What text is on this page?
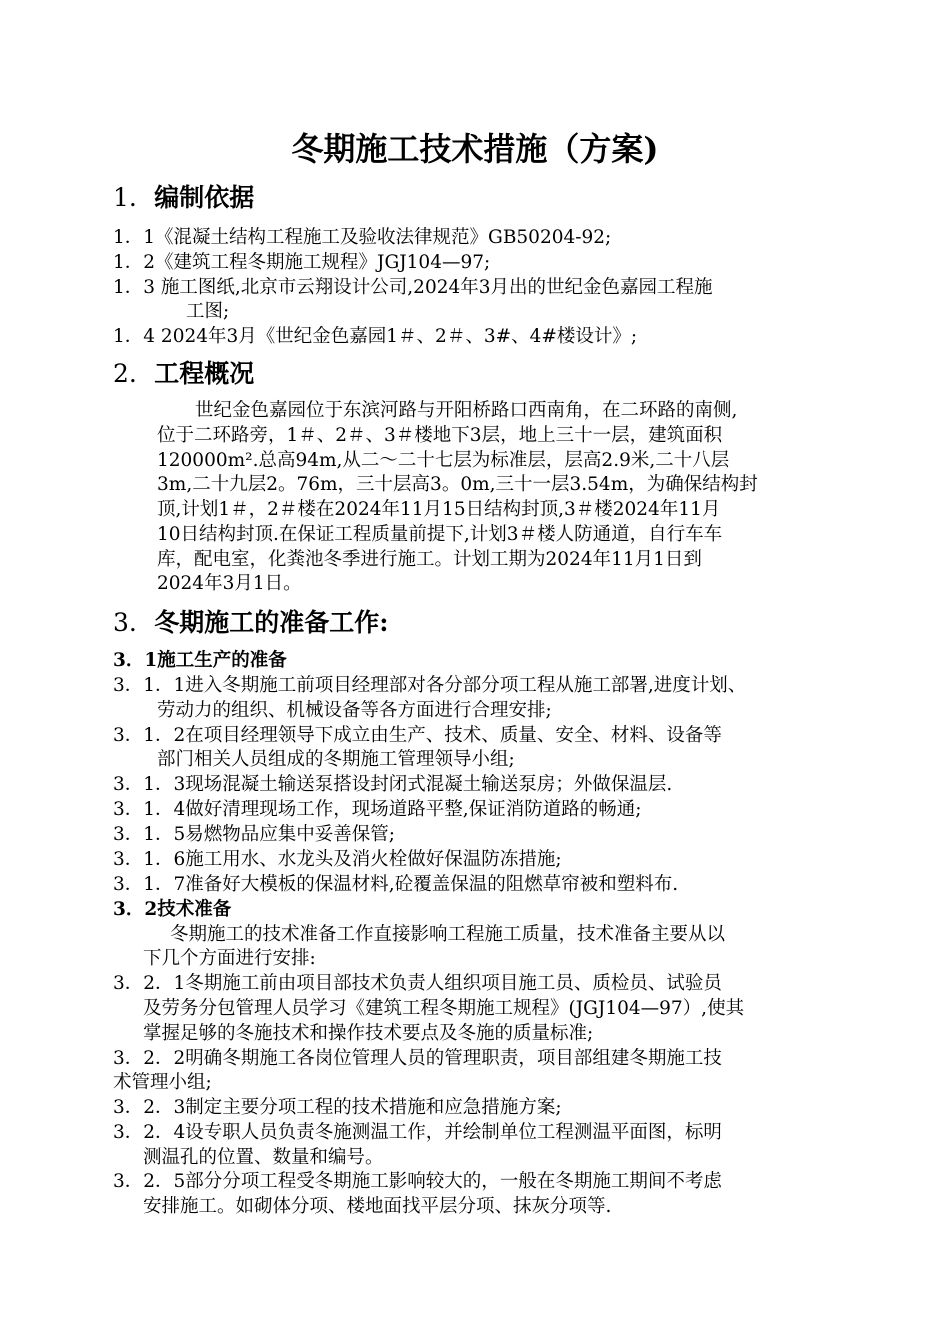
冬期施工技术措施（方案)
1. 编制依据
1．1《混凝土结构工程施工及验收法律规范》GB50204-92;
1．2《建筑工程冬期施工规程》JGJ104—97;
1．3 施工图纸,北京市云翔设计公司,2024年3月出的世纪金色嘉园工程施
工图;
1．4 2024年3月《世纪金色嘉园1＃、2＃、3#、4#楼设计》;
2. 工程概况
世纪金色嘉园位于东滨河路与开阳桥路口西南角，在二环路的南侧,
位于二环路旁，1＃、2＃、3＃楼地下3层，地上三十一层，建筑面积
120000m².总高94m,从二～二十七层为标准层，层高2.9米,二十八层
3m,二十九层2。76m，三十层高3。0m,三十一层3.54m，为确保结构封
顶,计划1＃，2＃楼在2024年11月15日结构封顶,3＃楼2024年11月
10日结构封顶.在保证工程质量前提下,计划3＃楼人防通道，自行车车
库，配电室，化粪池冬季进行施工。计划工期为2024年11月1日到
2024年3月1日。
3. 冬期施工的准备工作:
3．1施工生产的准备
3．1．1进入冬期施工前项目经理部对各分部分项工程从施工部署,进度计划、
劳动力的组织、机械设备等各方面进行合理安排;
3．1．2在项目经理领导下成立由生产、技术、质量、安全、材料、设备等
部门相关人员组成的冬期施工管理领导小组;
3．1．3现场混凝土输送泵搭设封闭式混凝土输送泵房；外做保温层.
3．1．4做好清理现场工作，现场道路平整,保证消防道路的畅通;
3．1．5易燃物品应集中妥善保管;
3．1．6施工用水、水龙头及消火栓做好保温防冻措施;
3．1．7准备好大模板的保温材料,砼覆盖保温的阻燃草帘被和塑料布.
3．2技术准备
冬期施工的技术准备工作直接影响工程施工质量，技术准备主要从以
下几个方面进行安排:
3．2．1冬期施工前由项目部技术负责人组织项目施工员、质检员、试验员
及劳务分包管理人员学习《建筑工程冬期施工规程》(JGJ104—97）,使其
掌握足够的冬施技术和操作技术要点及冬施的质量标准;
3．2．2明确冬期施工各岗位管理人员的管理职责，项目部组建冬期施工技
术管理小组;
3．2．3制定主要分项工程的技术措施和应急措施方案;
3．2．4设专职人员负责冬施测温工作，并绘制单位工程测温平面图，标明
测温孔的位置、数量和编号。
3．2．5部分分项工程受冬期施工影响较大的，一般在冬期施工期间不考虑
安排施工。如砌体分项、楼地面找平层分项、抹灰分项等.
